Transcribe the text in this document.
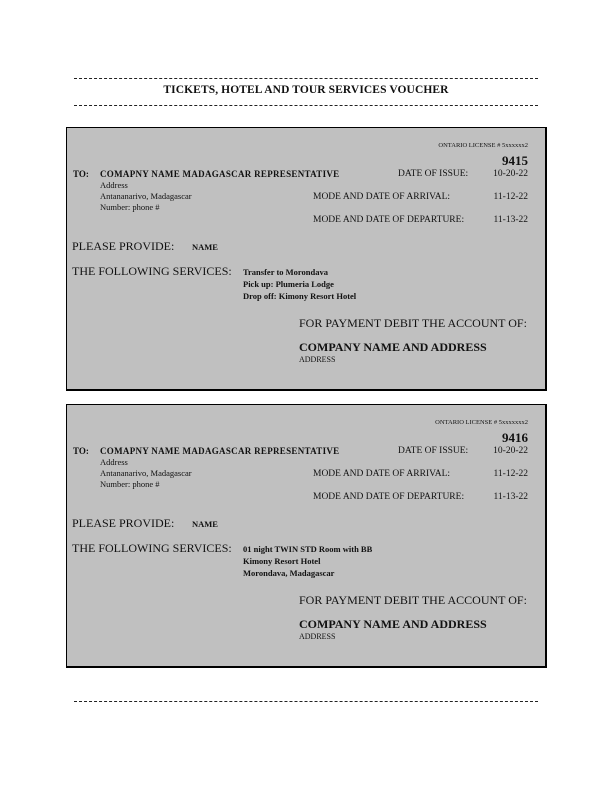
TICKETS, HOTEL AND TOUR SERVICES VOUCHER
ONTARIO LICENSE # 5xxxxxx2
9415
TO: COMAPNY NAME MADAGASCAR REPRESENTATIVE
Address
Antananarivo, Madagascar
Number: phone #
DATE OF ISSUE:	10-20-22
MODE AND DATE OF ARRIVAL:	11-12-22
MODE AND DATE OF DEPARTURE:	11-13-22
PLEASE PROVIDE: NAME
THE FOLLOWING SERVICES: Transfer to Morondava
Pick up: Plumeria Lodge
Drop off: Kimony Resort Hotel
FOR PAYMENT DEBIT THE ACCOUNT OF:
COMPANY NAME AND ADDRESS
ADDRESS
ONTARIO LICENSE # 5xxxxxxx2
9416
TO: COMAPNY NAME MADAGASCAR REPRESENTATIVE
Address
Antananarivo, Madagascar
Number: phone #
DATE OF ISSUE:	10-20-22
MODE AND DATE OF ARRIVAL:	11-12-22
MODE AND DATE OF DEPARTURE:	11-13-22
PLEASE PROVIDE: NAME
THE FOLLOWING SERVICES: 01 night TWIN STD Room with BB
Kimony Resort Hotel
Morondava, Madagascar
FOR PAYMENT DEBIT THE ACCOUNT OF:
COMPANY NAME AND ADDRESS
ADDRESS
